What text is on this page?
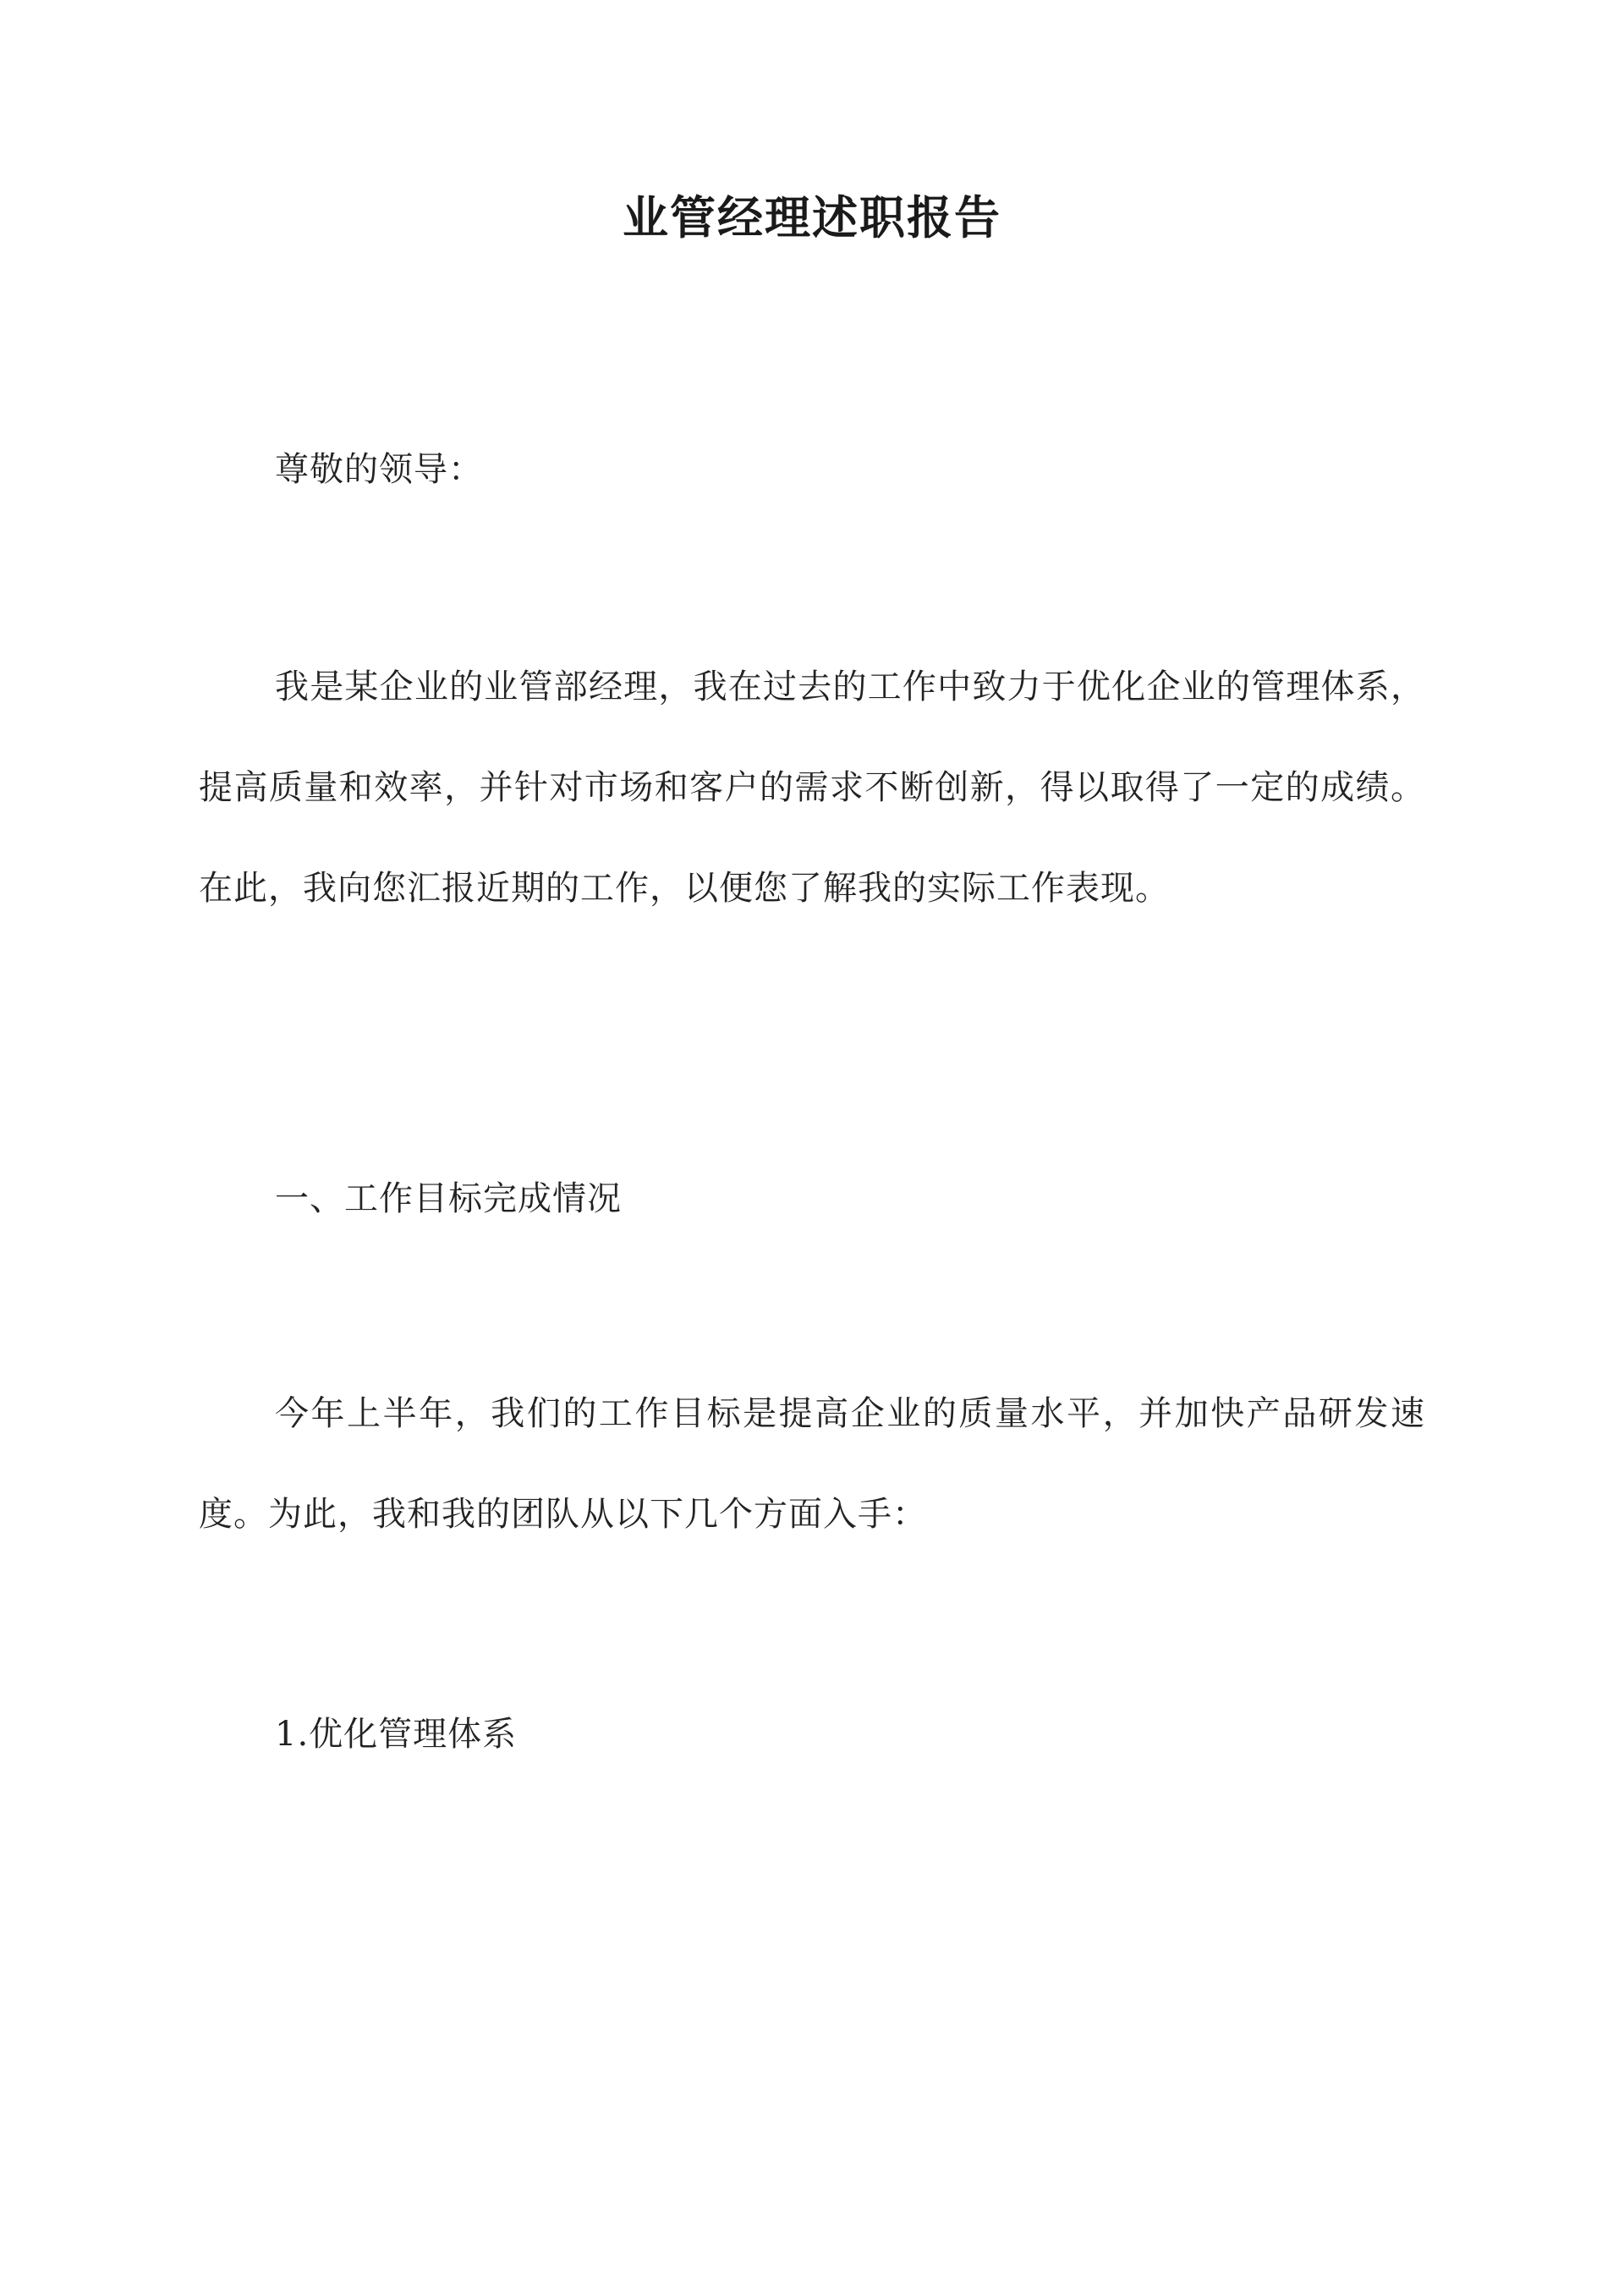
业管经理述职报告

尊敬的领导：

我是某企业的业管部经理，我在过去的工作中致力于优化企业的管理体系，提高质量和效率，并针对市场和客户的需求不断创新，得以取得了一定的成绩。在此，我向您汇报近期的工作，以便您了解我的实际工作表现。

一、工作目标完成情况

今年上半年，我们的工作目标是提高企业的质量水平，并加快产品研发速度。为此，我和我的团队从以下几个方面入手：

1.优化管理体系
